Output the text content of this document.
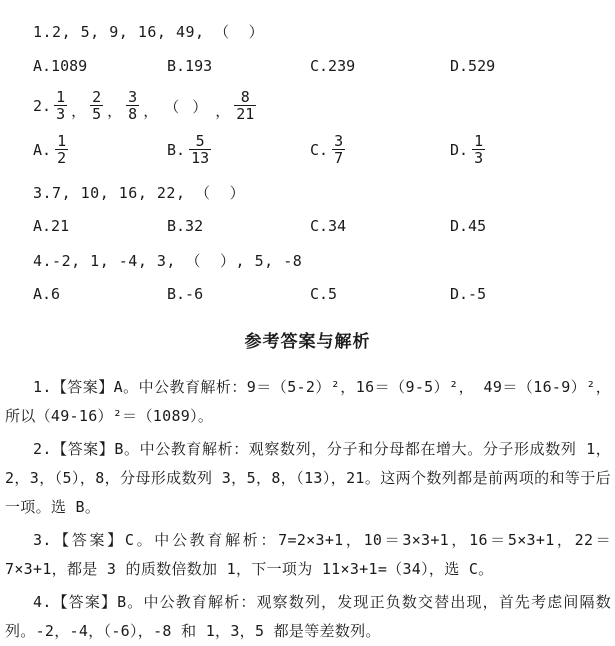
1.2, 5, 9, 16, 49, （  ）
A.1089	B.193	C.239	D.529
2. $\frac{1}{3}$ ， $\frac{2}{5}$ ， $\frac{3}{8}$ ， （ ） ， $\frac{8}{21}$
A. $\frac{1}{2}$	B. $\frac{5}{13}$	C. $\frac{3}{7}$	D. $\frac{1}{3}$
3.7, 10, 16, 22, （  ）
A.21	B.32	C.34	D.45
4.-2, 1, -4, 3, （  ）, 5, -8
A.6	B.-6	C.5	D.-5
参考答案与解析

1.【答案】A。中公教育解析：9＝（5-2）²，16＝（9-5）²， 49＝（16-9）²， 所以（49-16）²＝（1089）。

2.【答案】B。中公教育解析：观察数列，分子和分母都在增大。分子形成数列 1，2，3，（5），8，分母形成数列 3，5，8，（13），21。这两个数列都是前两项的和等于后一项。选 B。

3.【答案】C。中公教育解析：7=2×3+1，10＝3×3+1，16＝5×3+1，22＝7×3+1，都是 3 的质数倍数加 1，下一项为 11×3+1=（34），选 C。

4.【答案】B。中公教育解析：观察数列，发现正负数交替出现，首先考虑间隔数列。-2，-4，（-6），-8 和 1，3，5 都是等差数列。
